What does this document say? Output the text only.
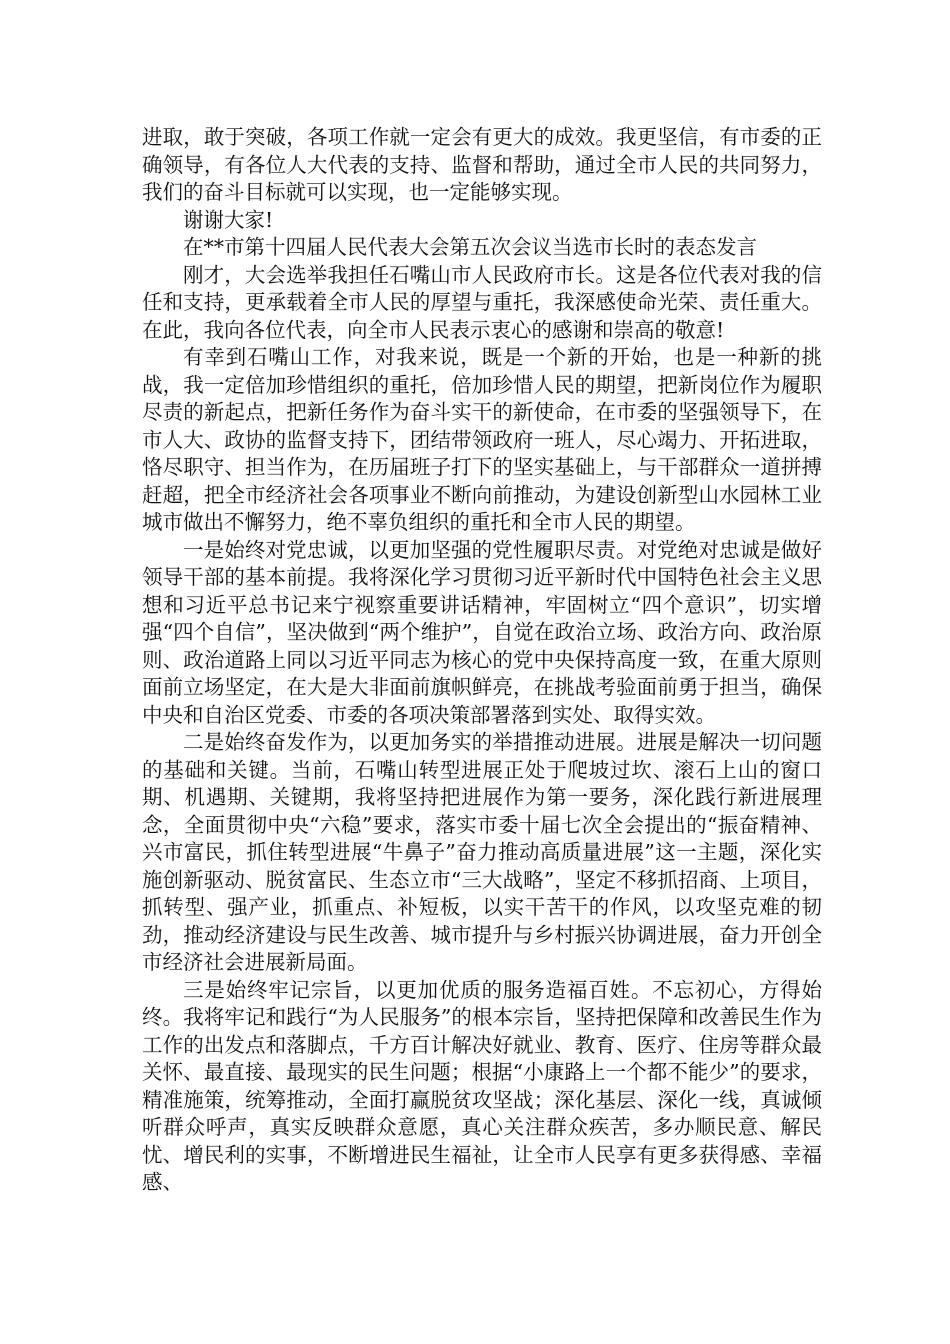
进取，敢于突破，各项工作就一定会有更大的成效。我更坚信，有市委的正确领导，有各位人大代表的支持、监督和帮助，通过全市人民的共同努力，我们的奋斗目标就可以实现，也一定能够实现。

谢谢大家!

在**市第十四届人民代表大会第五次会议当选市长时的表态发言

刚才，大会选举我担任石嘴山市人民政府市长。这是各位代表对我的信任和支持，更承载着全市人民的厚望与重托，我深感使命光荣、责任重大。在此，我向各位代表，向全市人民表示衷心的感谢和崇高的敬意!

有幸到石嘴山工作，对我来说，既是一个新的开始，也是一种新的挑战，我一定倍加珍惜组织的重托，倍加珍惜人民的期望，把新岗位作为履职尽责的新起点，把新任务作为奋斗实干的新使命，在市委的坚强领导下，在市人大、政协的监督支持下，团结带领政府一班人，尽心竭力、开拓进取，恪尽职守、担当作为，在历届班子打下的坚实基础上，与干部群众一道拼搏赶超，把全市经济社会各项事业不断向前推动，为建设创新型山水园林工业城市做出不懈努力，绝不辜负组织的重托和全市人民的期望。

一是始终对党忠诚，以更加坚强的党性履职尽责。对党绝对忠诚是做好领导干部的基本前提。我将深化学习贯彻习近平新时代中国特色社会主义思想和习近平总书记来宁视察重要讲话精神，牢固树立“四个意识”，切实增强“四个自信”，坚决做到“两个维护”，自觉在政治立场、政治方向、政治原则、政治道路上同以习近平同志为核心的党中央保持高度一致，在重大原则面前立场坚定，在大是大非面前旗帜鲜亮，在挑战考验面前勇于担当，确保中央和自治区党委、市委的各项决策部署落到实处、取得实效。

二是始终奋发作为，以更加务实的举措推动进展。进展是解决一切问题的基础和关键。当前，石嘴山转型进展正处于爬坡过坎、滚石上山的窗口期、机遇期、关键期，我将坚持把进展作为第一要务，深化践行新进展理念，全面贯彻中央“六稳”要求，落实市委十届七次全会提出的“振奋精神、兴市富民，抓住转型进展“牛鼻子”奋力推动高质量进展”这一主题，深化实施创新驱动、脱贫富民、生态立市“三大战略”，坚定不移抓招商、上项目，抓转型、强产业，抓重点、补短板，以实干苦干的作风，以攻坚克难的韧劲，推动经济建设与民生改善、城市提升与乡村振兴协调进展，奋力开创全市经济社会进展新局面。

三是始终牢记宗旨，以更加优质的服务造福百姓。不忘初心，方得始终。我将牢记和践行“为人民服务”的根本宗旨，坚持把保障和改善民生作为工作的出发点和落脚点，千方百计解决好就业、教育、医疗、住房等群众最关怀、最直接、最现实的民生问题；根据“小康路上一个都不能少”的要求，精准施策，统筹推动，全面打赢脱贫攻坚战；深化基层、深化一线，真诚倾听群众呼声，真实反映群众意愿，真心关注群众疾苦，多办顺民意、解民忧、增民利的实事，不断增进民生福祉，让全市人民享有更多获得感、幸福感、
